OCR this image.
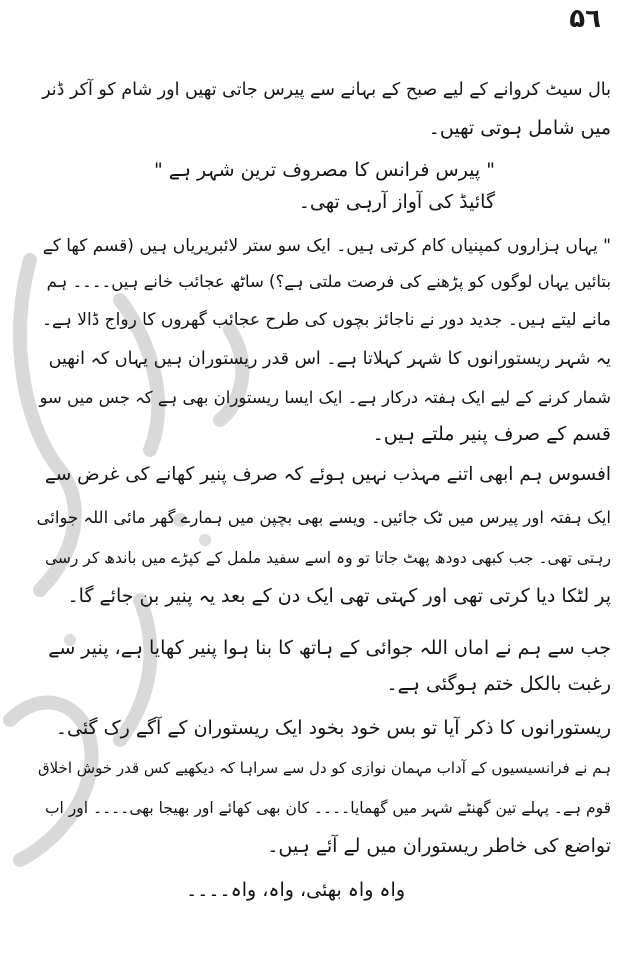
۵٦
بال سیٹ کروانے کے لیے صبح کے بہانے سے پیرس جاتی تھیں اور شام کو آکر ڈنر
میں شامل ہوتی تھیں۔
" پیرس فرانس کا مصروف ترین شہر ہے "
گائیڈ کی آواز آرہی تھی۔
" یہاں ہزاروں کمپنیاں کام کرتی ہیں۔ ایک سو ستر لائبریریاں ہیں (قسم کھا کے
بتائیں یہاں لوگوں کو پڑھنے کی فرصت ملتی ہے؟) ساٹھ عجائب خانے ہیں۔۔۔۔ ہم
مانے لیتے ہیں۔ جدید دور نے ناجائز بچوں کی طرح عجائب گھروں کا رواج ڈالا ہے۔
یہ شہر ریستورانوں کا شہر کہلاتا ہے۔ اس قدر ریستوران ہیں یہاں کہ انھیں
شمار کرنے کے لیے ایک ہفتہ درکار ہے۔ ایک ایسا ریستوران بھی ہے کہ جس میں سو
قسم کے صرف پنیر ملتے ہیں۔
افسوس ہم ابھی اتنے مہذب نہیں ہوئے کہ صرف پنیر کھانے کی غرض سے
ایک ہفتہ اور پیرس میں ٹک جائیں۔ ویسے بھی بچپن میں ہمارے گھر مائی اللہ جوائی
رہتی تھی۔ جب کبھی دودھ پھٹ جاتا تو وہ اسے سفید ململ کے کپڑے میں باندھ کر رسی
پر لٹکا دیا کرتی تھی اور کہتی تھی ایک دن کے بعد یہ پنیر بن جائے گا۔
جب سے ہم نے اماں اللہ جوائی کے ہاتھ کا بنا ہوا پنیر کھایا ہے، پنیر سے
رغبت بالکل ختم ہوگئی ہے۔
ریستورانوں کا ذکر آیا تو بس خود بخود ایک ریستوران کے آگے رک گئی۔
ہم نے فرانسیسیوں کے آداب مہمان نوازی کو دل سے سراہا کہ دیکھیے کس قدر خوش اخلاق
قوم ہے۔ پہلے تین گھنٹے شہر میں گھمایا۔۔۔۔ کان بھی کھائے اور بھیجا بھی۔۔۔۔ اور اب
تواضع کی خاطر ریستوران میں لے آئے ہیں۔
واہ واہ بھئی، واہ، واہ۔۔۔۔
